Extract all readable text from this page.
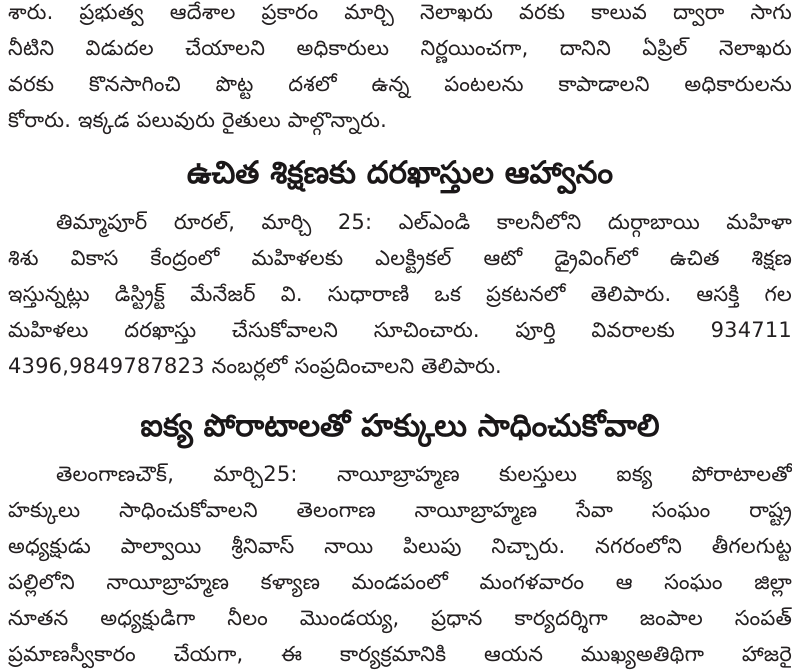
శారు. ప్రభుత్వ ఆదేశాల ప్రకారం మార్చి నెలాఖరు వరకు కాలువ ద్వారా సాగు
నీటిని విడుదల చేయాలని అధికారులు నిర్ణయించగా, దానిని ఏప్రిల్ నెలాఖరు
వరకు కొనసాగించి పొట్ట దశలో ఉన్న పంటలను కాపాడాలని అధికారులను
కోరారు. ఇక్కడ పలువురు రైతులు పాల్గొన్నారు.
ఉచిత శిక్షణకు దరఖాస్తుల ఆహ్వానం
తిమ్మాపూర్ రూరల్, మార్చి 25: ఎల్ఎండి కాలనీలోని దుర్గాబాయి మహిళా
శిశు వికాస కేంద్రంలో మహిళలకు ఎలక్ట్రికల్ ఆటో డ్రైవింగ్‌లో ఉచిత శిక్షణ
ఇస్తున్నట్లు డిస్ట్రిక్ట్ మేనేజర్ వి. సుధారాణి ఒక ప్రకటనలో తెలిపారు. ఆసక్తి గల
మహిళలు దరఖాస్తు చేసుకోవాలని సూచించారు. పూర్తి వివరాలకు 934711
4396,9849787823 నంబర్లలో సంప్రదించాలని తెలిపారు.
ఐక్య పోరాటాలతో హక్కులు సాధించుకోవాలి
తెలంగాణచౌక్, మార్చి25: నాయీబ్రాహ్మణ కులస్తులు ఐక్య పోరాటాలతో
హక్కులు సాధించుకోవాలని తెలంగాణ నాయీబ్రాహ్మణ సేవా సంఘం రాష్ట్ర
అధ్యక్షుడు పాల్వాయి శ్రీనివాస్ నాయి పిలుపు నిచ్చారు. నగరంలోని తీగలగుట్ట
పల్లిలోని నాయీబ్రాహ్మణ కళ్యాణ మండపంలో మంగళవారం ఆ సంఘం జిల్లా
నూతన అధ్యక్షుడిగా నీలం మొండయ్య, ప్రధాన కార్యదర్శిగా జంపాల సంపత్
ప్రమాణస్వీకారం చేయగా, ఈ కార్యక్రమానికి ఆయన ముఖ్యఅతిథిగా హాజరై
